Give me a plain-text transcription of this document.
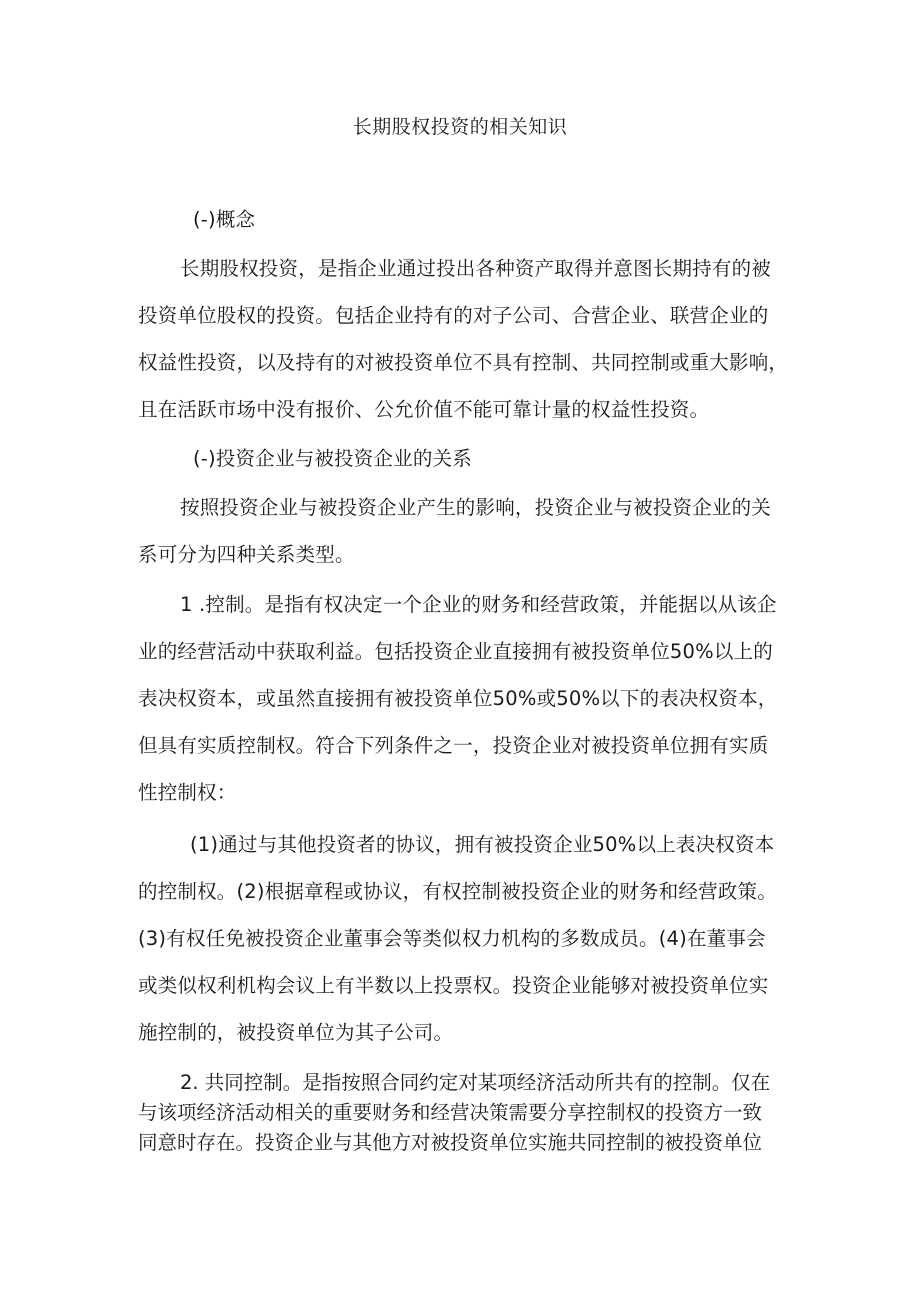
长期股权投资的相关知识
(-)概念
长期股权投资，是指企业通过投出各种资产取得并意图长期持有的被
投资单位股权的投资。包括企业持有的对子公司、合营企业、联营企业的
权益性投资，以及持有的对被投资单位不具有控制、共同控制或重大影响，
且在活跃市场中没有报价、公允价值不能可靠计量的权益性投资。
(-)投资企业与被投资企业的关系
按照投资企业与被投资企业产生的影响，投资企业与被投资企业的关
系可分为四种关系类型。
1 .控制。是指有权决定一个企业的财务和经营政策，并能据以从该企
业的经营活动中获取利益。包括投资企业直接拥有被投资单位50%以上的
表决权资本，或虽然直接拥有被投资单位50%或50%以下的表决权资本，
但具有实质控制权。符合下列条件之一，投资企业对被投资单位拥有实质
性控制权：
(1)通过与其他投资者的协议，拥有被投资企业50%以上表决权资本
的控制权。(2)根据章程或协议，有权控制被投资企业的财务和经营政策。
(3)有权任免被投资企业董事会等类似权力机构的多数成员。(4)在董事会
或类似权利机构会议上有半数以上投票权。投资企业能够对被投资单位实
施控制的，被投资单位为其子公司。
2. 共同控制。是指按照合同约定对某项经济活动所共有的控制。仅在
与该项经济活动相关的重要财务和经营决策需要分享控制权的投资方一致
同意时存在。投资企业与其他方对被投资单位实施共同控制的被投资单位
